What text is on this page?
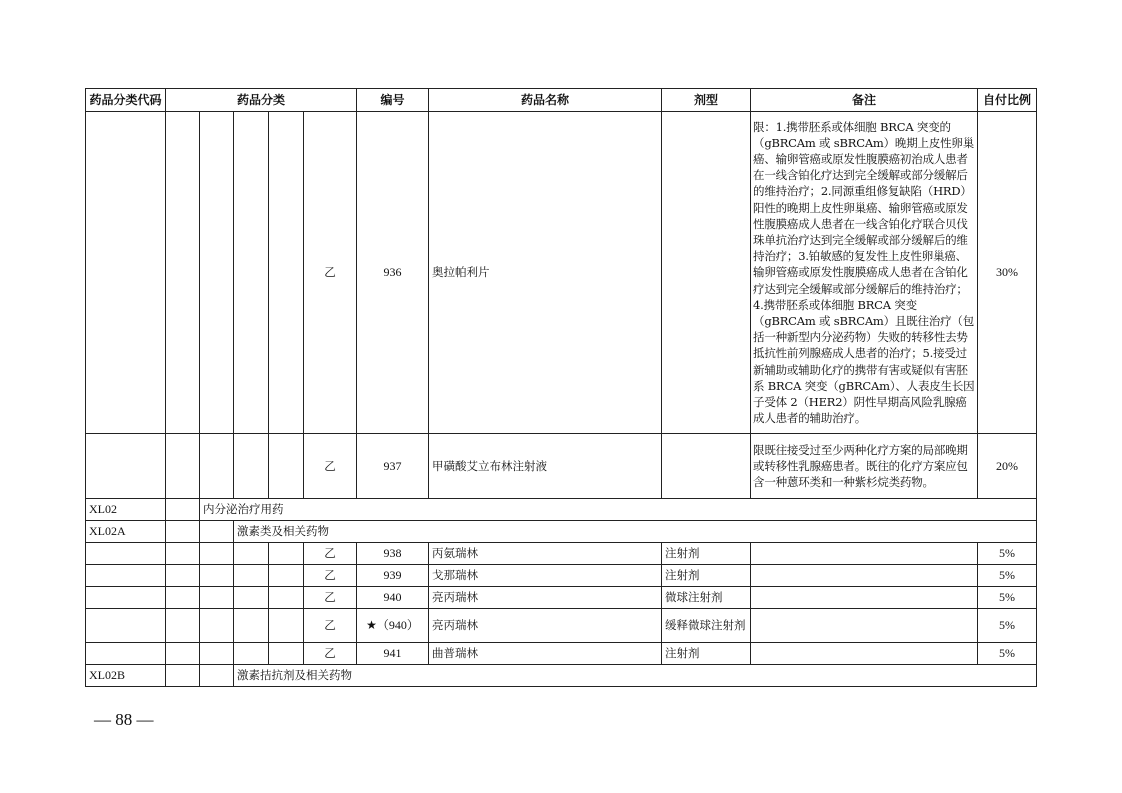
药品分类代码	药品分类					编号	药品名称	剂型	备注	自付比例
					乙	936	奥拉帕利片		限：1.携带胚系或体细胞 BRCA 突变的（gBRCAm 或 sBRCAm）晚期上皮性卵巢癌、输卵管癌或原发性腹膜癌初治成人患者在一线含铂化疗达到完全缓解或部分缓解后的维持治疗；2.同源重组修复缺陷（HRD）阳性的晚期上皮性卵巢癌、输卵管癌或原发性腹膜癌成人患者在一线含铂化疗联合贝伐珠单抗治疗达到完全缓解或部分缓解后的维持治疗；3.铂敏感的复发性上皮性卵巢癌、输卵管癌或原发性腹膜癌成人患者在含铂化疗达到完全缓解或部分缓解后的维持治疗；4.携带胚系或体细胞 BRCA 突变（gBRCAm 或 sBRCAm）且既往治疗（包括一种新型内分泌药物）失败的转移性去势抵抗性前列腺癌成人患者的治疗；5.接受过新辅助或辅助化疗的携带有害或疑似有害胚系 BRCA 突变（gBRCAm）、人表皮生长因子受体 2（HER2）阴性早期高风险乳腺癌成人患者的辅助治疗。	30%
					乙	937	甲磺酸艾立布林注射液		限既往接受过至少两种化疗方案的局部晚期或转移性乳腺癌患者。既往的化疗方案应包含一种蒽环类和一种紫杉烷类药物。	20%
XL02		内分泌治疗用药								
XL02A			激素类及相关药物							
					乙	938	丙氨瑞林	注射剂		5%
					乙	939	戈那瑞林	注射剂		5%
					乙	940	亮丙瑞林	微球注射剂		5%
					乙	★（940）	亮丙瑞林	缓释微球注射剂		5%
					乙	941	曲普瑞林	注射剂		5%
XL02B			激素拮抗剂及相关药物							
— 88 —
